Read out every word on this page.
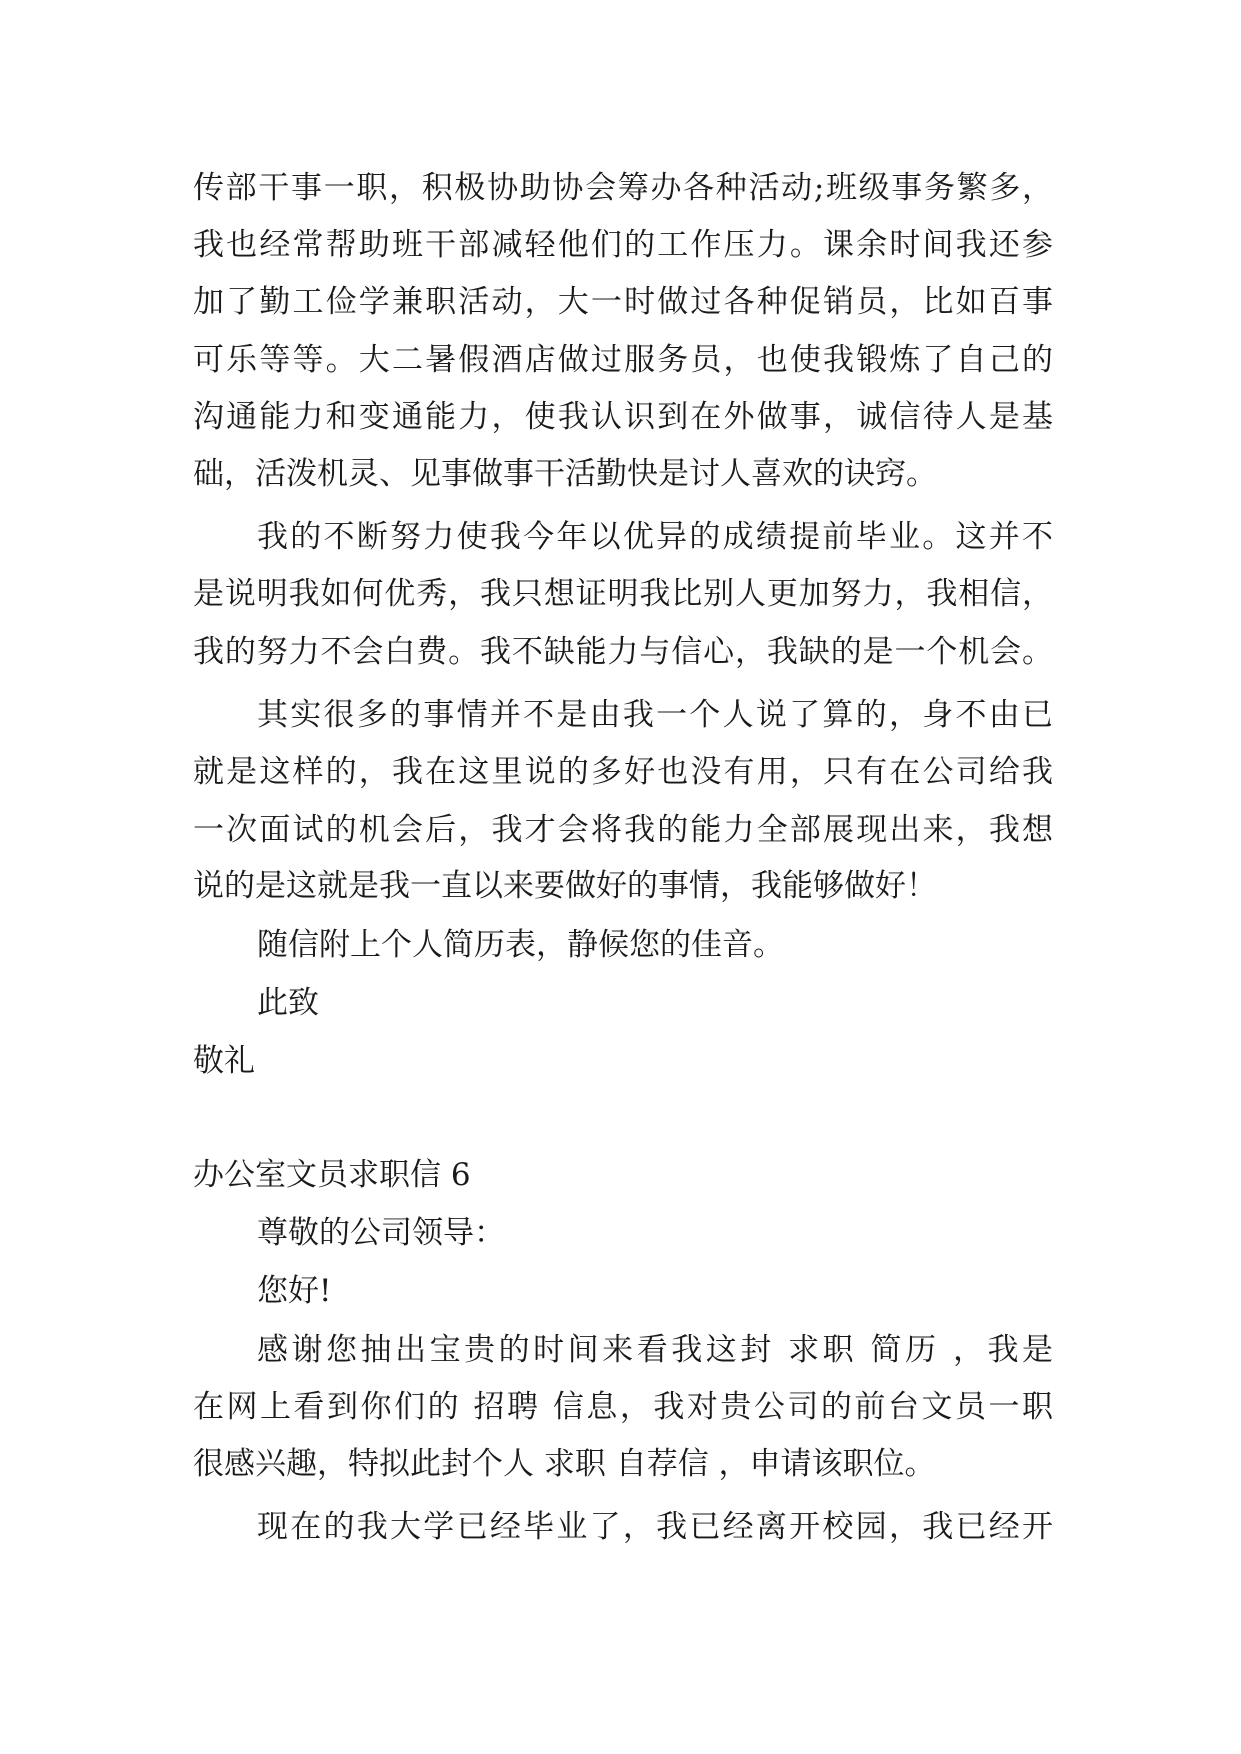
传部干事一职，积极协助协会筹办各种活动;班级事务繁多，
我也经常帮助班干部减轻他们的工作压力。课余时间我还参
加了勤工俭学兼职活动，大一时做过各种促销员，比如百事
可乐等等。大二暑假酒店做过服务员，也使我锻炼了自己的
沟通能力和变通能力，使我认识到在外做事，诚信待人是基
础，活泼机灵、见事做事干活勤快是讨人喜欢的诀窍。
我的不断努力使我今年以优异的成绩提前毕业。这并不
是说明我如何优秀，我只想证明我比别人更加努力，我相信，
我的努力不会白费。我不缺能力与信心，我缺的是一个机会。
其实很多的事情并不是由我一个人说了算的，身不由已
就是这样的，我在这里说的多好也没有用，只有在公司给我
一次面试的机会后，我才会将我的能力全部展现出来，我想
说的是这就是我一直以来要做好的事情，我能够做好！
随信附上个人简历表，静候您的佳音。
此致
敬礼
办公室文员求职信 6
尊敬的公司领导：
您好!
感谢您抽出宝贵的时间来看我这封 求职 简历 ，我是
在网上看到你们的 招聘 信息，我对贵公司的前台文员一职
很感兴趣，特拟此封个人 求职 自荐信 ，申请该职位。
现在的我大学已经毕业了，我已经离开校园，我已经开
